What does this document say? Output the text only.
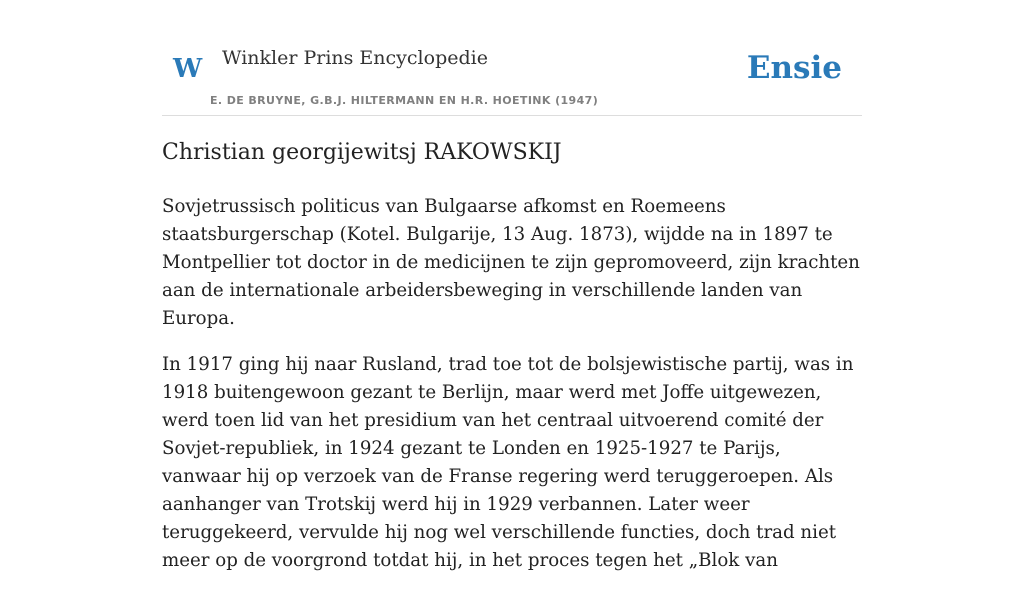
W Winkler Prins Encyclopedie
E. DE BRUYNE, G.B.J. HILTERMANN EN H.R. HOETINK (1947)
Ensie
Christian georgijewitsj RAKOWSKIJ

Sovjetrussisch politicus van Bulgaarse afkomst en Roemeens staatsburgerschap (Kotel. Bulgarije, 13 Aug. 1873), wijdde na in 1897 te Montpellier tot doctor in de medicijnen te zijn gepromoveerd, zijn krachten aan de internationale arbeidersbeweging in verschillende landen van Europa.

In 1917 ging hij naar Rusland, trad toe tot de bolsjewistische partij, was in 1918 buitengewoon gezant te Berlijn, maar werd met Joffe uitgewezen, werd toen lid van het presidium van het centraal uitvoerend comité der Sovjet-republiek, in 1924 gezant te Londen en 1925-1927 te Parijs, vanwaar hij op verzoek van de Franse regering werd teruggeroepen. Als aanhanger van Trotskij werd hij in 1929 verbannen. Later weer teruggekeerd, vervulde hij nog wel verschillende functies, doch trad niet meer op de voorgrond totdat hij, in het proces tegen het „Blok van
